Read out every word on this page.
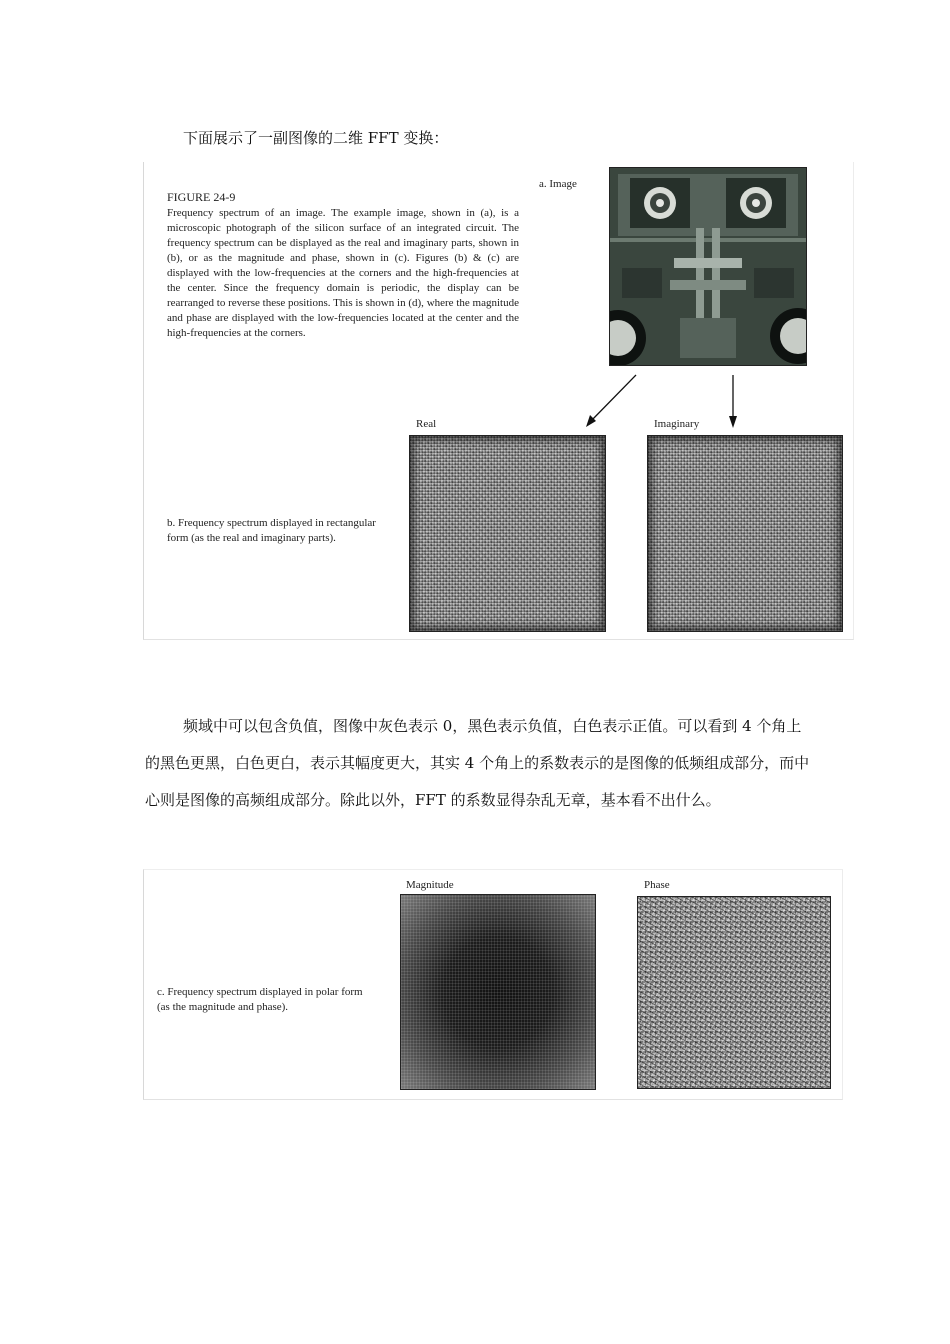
下面展示了一副图像的二维 FFT 变换：

FIGURE 24-9
Frequency spectrum of an image. The example image, shown in (a), is a microscopic photograph of the silicon surface of an integrated circuit. The frequency spectrum can be displayed as the real and imaginary parts, shown in (b), or as the magnitude and phase, shown in (c). Figures (b) & (c) are displayed with the low-frequencies at the corners and the high-frequencies at the center. Since the frequency domain is periodic, the display can be rearranged to reverse these positions. This is shown in (d), where the magnitude and phase are displayed with the low-frequencies located at the center and the high-frequencies at the corners.
a. Image
Real	Imaginary
b. Frequency spectrum displayed in rectangular form (as the real and imaginary parts).

频域中可以包含负值，图像中灰色表示 0，黑色表示负值，白色表示正值。可以看到 4 个角上的黑色更黑，白色更白，表示其幅度更大，其实 4 个角上的系数表示的是图像的低频组成部分，而中心则是图像的高频组成部分。除此以外，FFT 的系数显得杂乱无章，基本看不出什么。

Magnitude	Phase
c. Frequency spectrum displayed in polar form (as the magnitude and phase).
